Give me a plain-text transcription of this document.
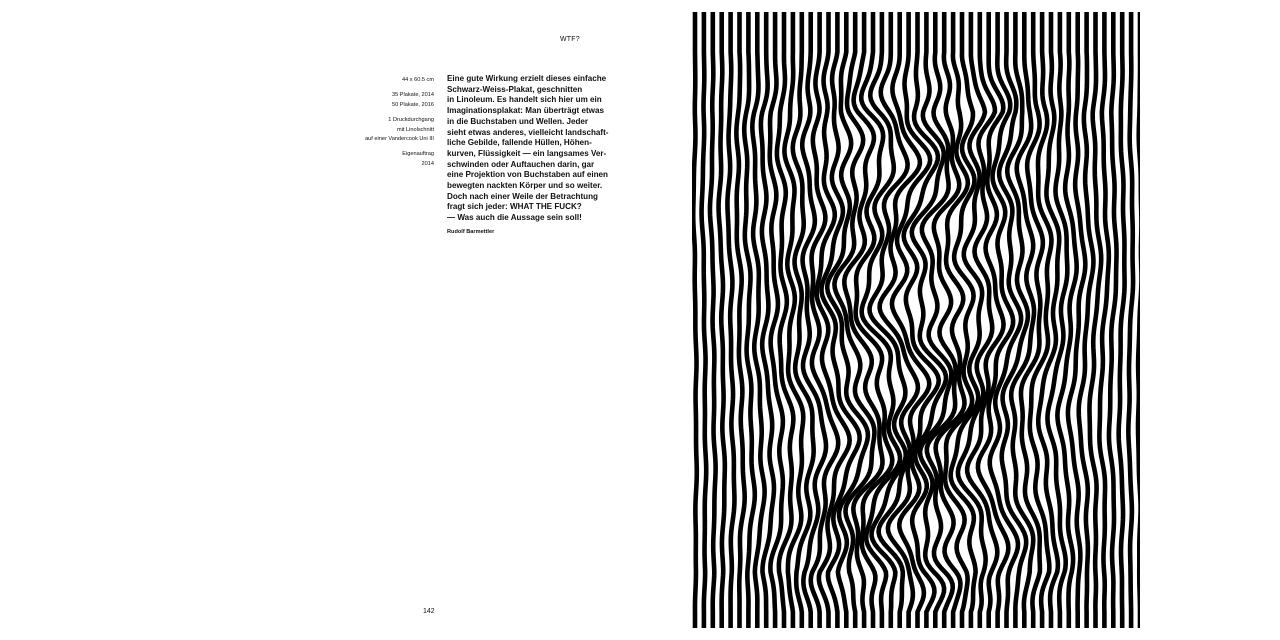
WTF?
44 x 60.5 cm
35 Plakate, 2014
50 Plakate, 2016
1 Druckdurchgang
mit Linolschnitt
auf einer Vandercook Uni III
Eigenauftrag
2014
Eine gute Wirkung erzielt dieses einfache
Schwarz-Weiss-Plakat, geschnitten
in Linoleum. Es handelt sich hier um ein
Imaginationsplakat: Man überträgt etwas
in die Buchstaben und Wellen. Jeder
sieht etwas anderes, vielleicht landschaft-
liche Gebilde, fallende Hüllen, Höhen-
kurven, Flüssigkeit — ein langsames Ver-
schwinden oder Auftauchen darin, gar
eine Projektion von Buchstaben auf einen
bewegten nackten Körper und so weiter.
Doch nach einer Weile der Betrachtung
fragt sich jeder: WHAT THE FUCK?
— Was auch die Aussage sein soll!
Rudolf Barmettler
142
